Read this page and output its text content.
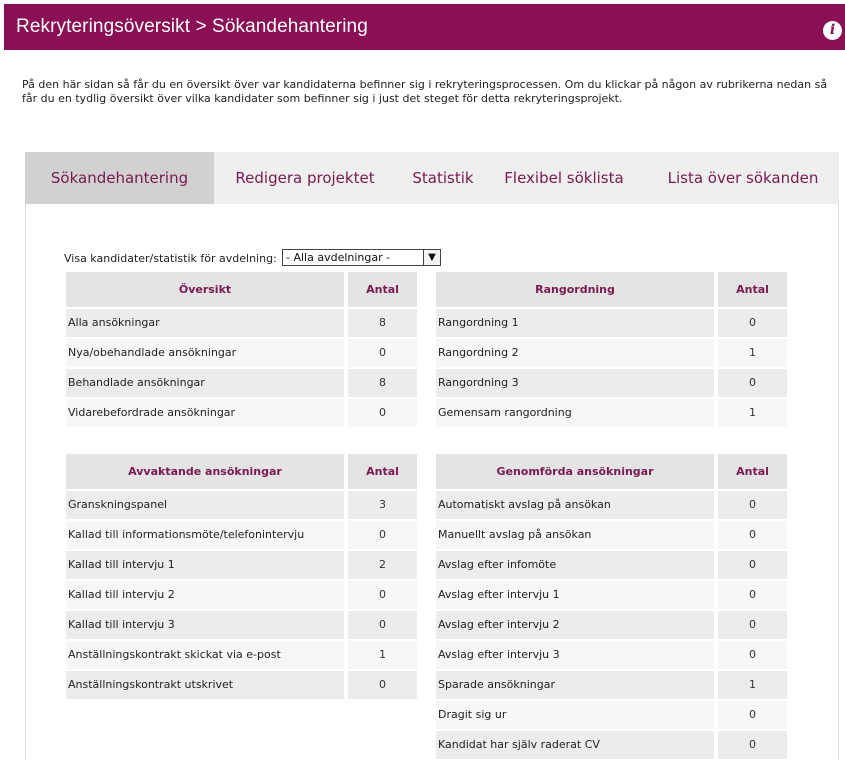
Rekryteringsöversikt > Sökandehantering	i

På den här sidan så får du en översikt över var kandidaterna befinner sig i rekryteringsprocessen. Om du klickar på någon av rubrikerna nedan så får du en tydlig översikt över vilka kandidater som befinner sig i just det steget för detta rekryteringsprojekt.

Sökandehantering	Redigera projektet	Statistik	Flexibel söklista	Lista över sökanden
Visa kandidater/statistik för avdelning: - Alla avdelningar -	▼
Översikt	Antal
Alla ansökningar	8
Nya/obehandlade ansökningar	0
Behandlade ansökningar	8
Vidarebefordrade ansökningar	0
Rangordning	Antal
Rangordning 1	0
Rangordning 2	1
Rangordning 3	0
Gemensam rangordning	1
Avvaktande ansökningar	Antal
Granskningspanel	3
Kallad till informationsmöte/telefonintervju	0
Kallad till intervju 1	2
Kallad till intervju 2	0
Kallad till intervju 3	0
Anställningskontrakt skickat via e-post	1
Anställningskontrakt utskrivet	0
Genomförda ansökningar	Antal
Automatiskt avslag på ansökan	0
Manuellt avslag på ansökan	0
Avslag efter infomöte	0
Avslag efter intervju 1	0
Avslag efter intervju 2	0
Avslag efter intervju 3	0
Sparade ansökningar	1
Dragit sig ur	0
Kandidat har själv raderat CV	0
